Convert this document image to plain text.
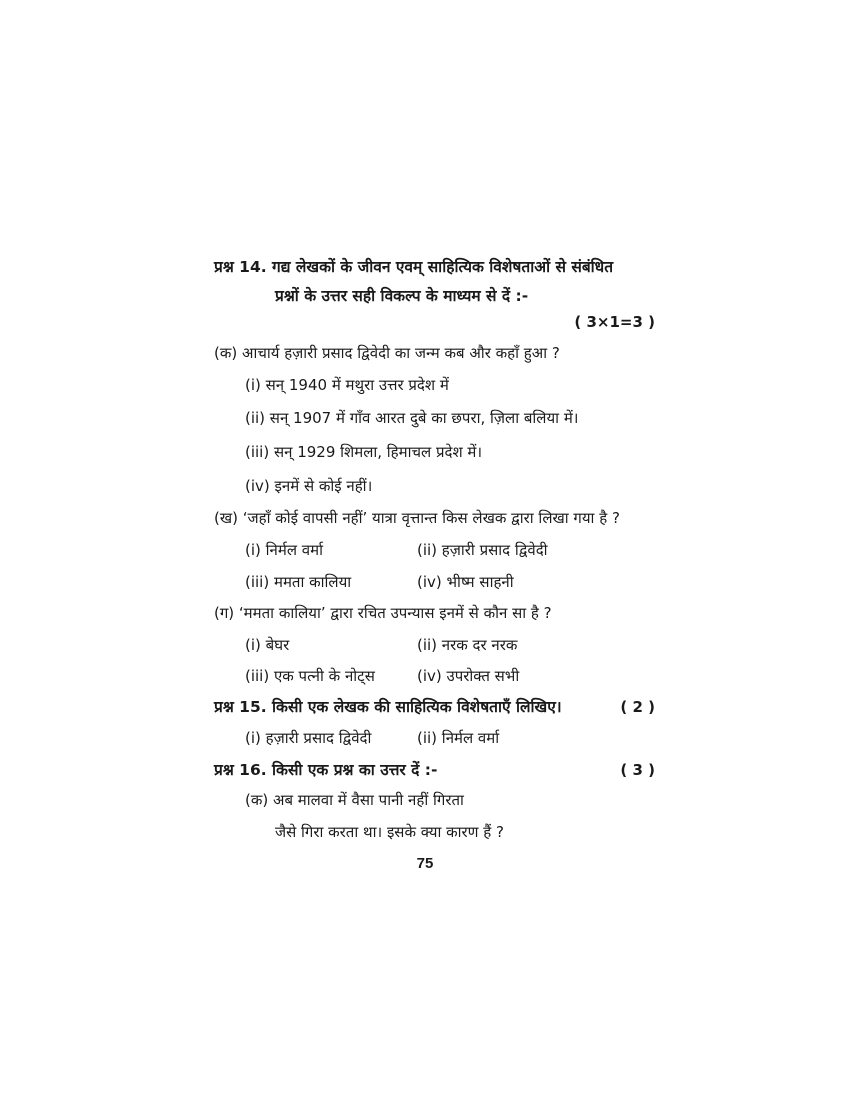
प्रश्न 14. गद्य लेखकों के जीवन एवम् साहित्यिक विशेषताओं से संबंधित
प्रश्नों के उत्तर सही विकल्प के माध्यम से दें :-
( 3×1=3 )
(क) आचार्य हज़ारी प्रसाद द्विवेदी का जन्म कब और कहाँ हुआ ?
(i) सन् 1940 में मथुरा उत्तर प्रदेश में
(ii) सन् 1907 में गाँव आरत दुबे का छपरा, ज़िला बलिया में।
(iii) सन् 1929 शिमला, हिमाचल प्रदेश में।
(iv) इनमें से कोई नहीं।
(ख) ‘जहाँ कोई वापसी नहीं’ यात्रा वृत्तान्त किस लेखक द्वारा लिखा गया है ?
(i) निर्मल वर्मा	(ii) हज़ारी प्रसाद द्विवेदी
(iii) ममता कालिया	(iv) भीष्म साहनी
(ग) ‘ममता कालिया’ द्वारा रचित उपन्यास इनमें से कौन सा है ?
(i) बेघर	(ii) नरक दर नरक
(iii) एक पत्नी के नोट्स	(iv) उपरोक्त सभी
प्रश्न 15. किसी एक लेखक की साहित्यिक विशेषताएँ लिखिए।	( 2 )
(i) हज़ारी प्रसाद द्विवेदी	(ii) निर्मल वर्मा
प्रश्न 16. किसी एक प्रश्न का उत्तर दें :-	( 3 )
(क) अब मालवा में वैसा पानी नहीं गिरता
जैसे गिरा करता था। इसके क्या कारण हैं ?
75
